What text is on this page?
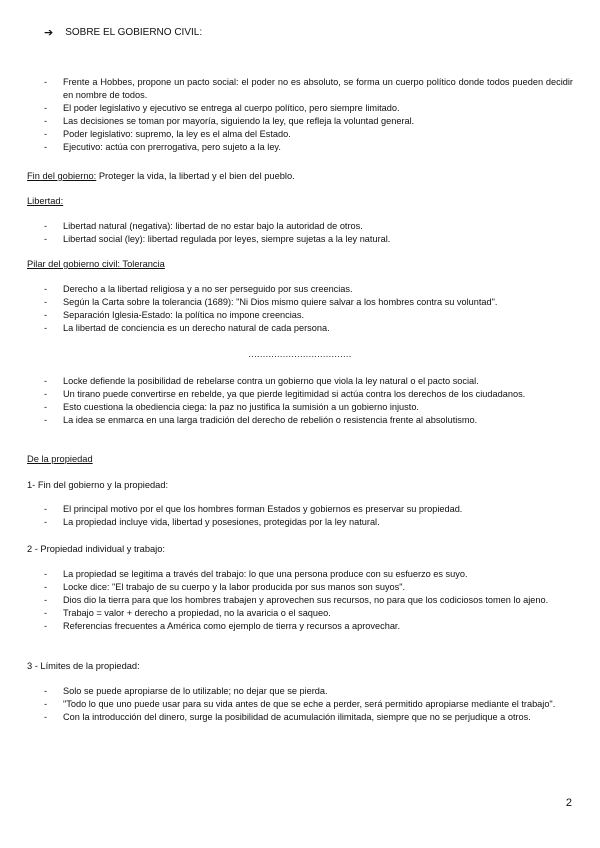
➔ SOBRE EL GOBIERNO CIVIL:
- Frente a Hobbes, propone un pacto social: el poder no es absoluto, se forma un cuerpo político donde todos pueden decidir en nombre de todos.
- El poder legislativo y ejecutivo se entrega al cuerpo político, pero siempre limitado.
- Las decisiones se toman por mayoría, siguiendo la ley, que refleja la voluntad general.
- Poder legislativo: supremo, la ley es el alma del Estado.
- Ejecutivo: actúa con prerrogativa, pero sujeto a la ley.
Fin del gobierno: Proteger la vida, la libertad y el bien del pueblo.
Libertad:
- Libertad natural (negativa): libertad de no estar bajo la autoridad de otros.
- Libertad social (ley): libertad regulada por leyes, siempre sujetas a la ley natural.
Pilar del gobierno civil: Tolerancia
- Derecho a la libertad religiosa y a no ser perseguido por sus creencias.
- Según la Carta sobre la tolerancia (1689): "Ni Dios mismo quiere salvar a los hombres contra su voluntad".
- Separación Iglesia-Estado: la política no impone creencias.
- La libertad de conciencia es un derecho natural de cada persona.
………………………………
- Locke defiende la posibilidad de rebelarse contra un gobierno que viola la ley natural o el pacto social.
- Un tirano puede convertirse en rebelde, ya que pierde legitimidad si actúa contra los derechos de los ciudadanos.
- Esto cuestiona la obediencia ciega: la paz no justifica la sumisión a un gobierno injusto.
- La idea se enmarca en una larga tradición del derecho de rebelión o resistencia frente al absolutismo.
De la propiedad
1- Fin del gobierno y la propiedad:
- El principal motivo por el que los hombres forman Estados y gobiernos es preservar su propiedad.
- La propiedad incluye vida, libertad y posesiones, protegidas por la ley natural.
2 - Propiedad individual y trabajo:
- La propiedad se legitima a través del trabajo: lo que una persona produce con su esfuerzo es suyo.
- Locke dice: "El trabajo de su cuerpo y la labor producida por sus manos son suyos".
- Dios dio la tierra para que los hombres trabajen y aprovechen sus recursos, no para que los codiciosos tomen lo ajeno.
- Trabajo = valor + derecho a propiedad, no la avaricia o el saqueo.
- Referencias frecuentes a América como ejemplo de tierra y recursos a aprovechar.
3 - Límites de la propiedad:
- Solo se puede apropiarse de lo utilizable; no dejar que se pierda.
- "Todo lo que uno puede usar para su vida antes de que se eche a perder, será permitido apropiarse mediante el trabajo".
- Con la introducción del dinero, surge la posibilidad de acumulación ilimitada, siempre que no se perjudique a otros.
2
